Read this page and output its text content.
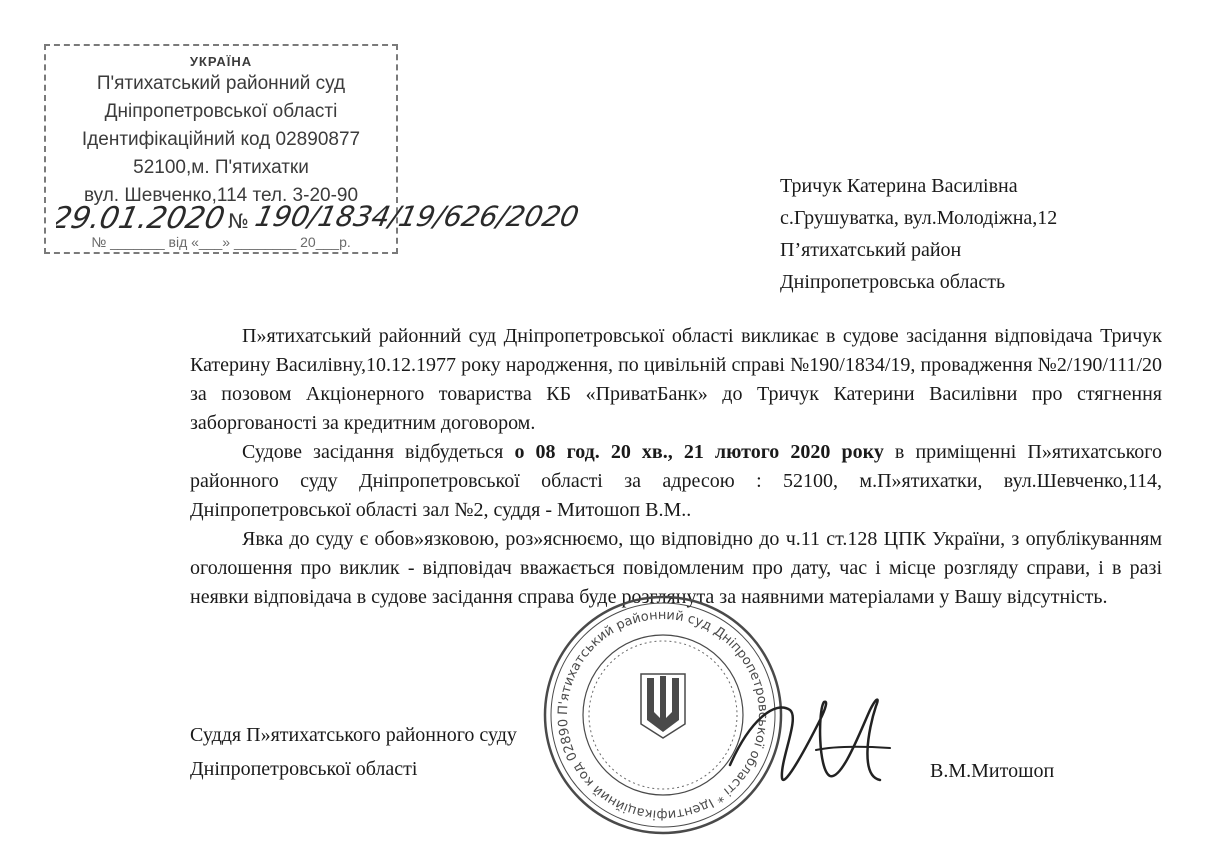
УКРАЇНА
П'ятихатський районний суд
Дніпропетровської області
Ідентифікаційний код 02890877
52100,м. П'ятихатки
вул. Шевченко,114 тел. 3-20-90
№ _______ від «___» ________ 20___р.
29.01.2020 № 190/1834/19/626/2020
Тричук Катерина Василівна
с.Грушуватка, вул.Молодіжна,12
П’ятихатський район
Дніпропетровська область

П»ятихатський районний суд Дніпропетровської області викликає в судове засідання відповідача Тричук Катерину Василівну,10.12.1977 року народження, по цивільній справі №190/1834/19, провадження №2/190/111/20 за позовом Акціонерного товариства КБ «ПриватБанк» до Тричук Катерини Василівни про стягнення заборгованості за кредитним договором.

Судове засідання відбудеться о 08 год. 20 хв., 21 лютого 2020 року в приміщенні П»ятихатського районного суду Дніпропетровської області за адресою : 52100, м.П»ятихатки, вул.Шевченко,114, Дніпропетровської області зал №2, суддя - Митошоп В.М..

Явка до суду є обов»язковою, роз»яснюємо, що відповідно до ч.11 ст.128 ЦПК України, з опублікуванням оголошення про виклик - відповідач вважається повідомленим про дату, час і місце розгляду справи, і в разі неявки відповідача в судове засідання справа буде розглянута за наявними матеріалами у Вашу відсутність.

Суддя П»ятихатського районного суду
Дніпропетровської області	В.М.Митошоп
П'ятихатський районний суд Дніпропетровської області * Ідентифікаційний код 02890
